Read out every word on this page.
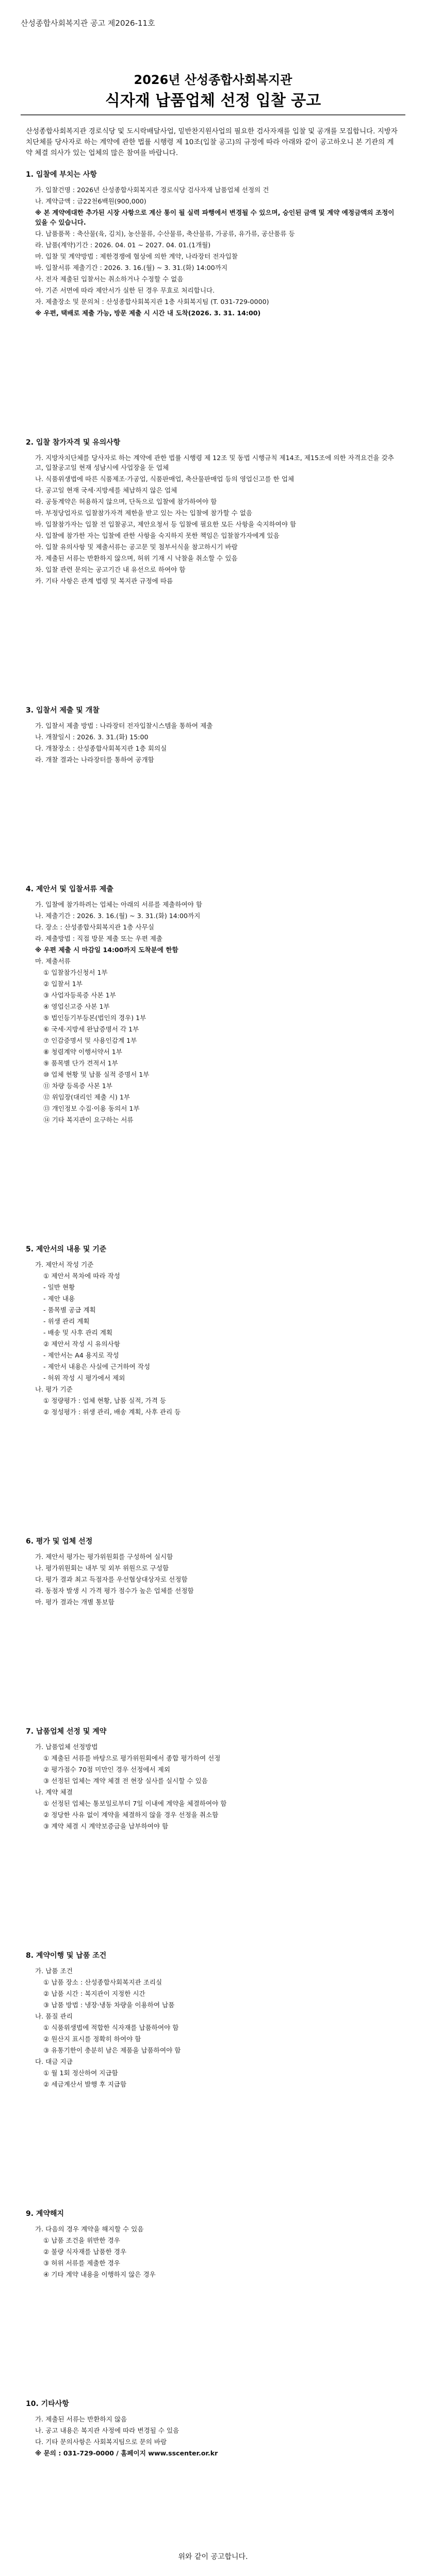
산성종합사회복지관 공고 제2026-11호
2026년 산성종합사회복지관
식자재 납품업체 선정 입찰 공고
산성종합사회복지관 경로식당 및 도시락배달사업, 밑반찬지원사업의 필요한 검사자재를 입찰 및 공개를 모집합니다. 지방자치단체를 당사자로 하는 계약에 관한 법률 시행령 제 10조(입찰 공고)의 규정에 따라 아래와 같이 공고하오니 본 기관의 계약 체결 의사가 있는 업체의 많은 참여를 바랍니다.
1. 입찰에 부치는 사항
가. 입찰건명 : 2026년 산성종합사회복지관 경로식당 검사자재 납품업체 선정의 건
나. 계약금액 : 금22천6백원(900,000)
※ 본 계약에대한 추가된 시장 사항으로 계산 통이 될 실력 파행에서 변경될 수 있으며, 승인된 금액 및 계약 예정금액의 조정이 있을 수 있습니다.
다. 납품품목 : 축산물(육, 김치), 농산물류, 수산물류, 축산물류, 가공류, 유가류, 공산품류 등
라. 납품(계약)기간 : 2026. 04. 01 ~ 2027. 04. 01.(1개월)
마. 입찰 및 계약방법 : 제한경쟁에 협상에 의한 계약, 나라장터 전자입찰
바. 입찰서류 제출기간 : 2026. 3. 16.(월) ~ 3. 31.(화) 14:00까지
사. 전자 제출된 입찰서는 취소하거나 수정할 수 없음
아. 기존 서면에 따라 제안서가 실한 된 경우 무효로 처리합니다.
자. 제출장소 및 문의처 : 산성종합사회복지관 1층 사회복지팀 (T. 031-729-0000)
※ 우편, 택배로 제출 가능, 방문 제출 시 시간 내 도착(2026. 3. 31. 14:00)
2. 입찰 참가자격 및 유의사항
가. 지방자치단체를 당사자로 하는 계약에 관한 법률 시행령 제 12조 및 동법 시행규칙 제14조, 제15조에 의한 자격요건을 갖추고, 입찰공고일 현재 성남시에 사업장을 둔 업체
나. 식품위생법에 따른 식품제조·가공업, 식품판매업, 축산물판매업 등의 영업신고를 한 업체
다. 공고일 현재 국세·지방세를 체납하지 않은 업체
라. 공동계약은 허용하지 않으며, 단독으로 입찰에 참가하여야 함
마. 부정당업자로 입찰참가자격 제한을 받고 있는 자는 입찰에 참가할 수 없음
바. 입찰참가자는 입찰 전 입찰공고, 제안요청서 등 입찰에 필요한 모든 사항을 숙지하여야 함
사. 입찰에 참가한 자는 입찰에 관한 사항을 숙지하지 못한 책임은 입찰참가자에게 있음
아. 입찰 유의사항 및 제출서류는 공고문 및 첨부서식을 참고하시기 바람
자. 제출된 서류는 반환하지 않으며, 허위 기재 시 낙찰을 취소할 수 있음
차. 입찰 관련 문의는 공고기간 내 유선으로 하여야 함
카. 기타 사항은 관계 법령 및 복지관 규정에 따름
3. 입찰서 제출 및 개찰
가. 입찰서 제출 방법 : 나라장터 전자입찰시스템을 통하여 제출
나. 개찰일시 : 2026. 3. 31.(화) 15:00
다. 개찰장소 : 산성종합사회복지관 1층 회의실
라. 개찰 결과는 나라장터를 통하여 공개함
4. 제안서 및 입찰서류 제출
가. 입찰에 참가하려는 업체는 아래의 서류를 제출하여야 함
나. 제출기간 : 2026. 3. 16.(월) ~ 3. 31.(화) 14:00까지
다. 장소 : 산성종합사회복지관 1층 사무실
라. 제출방법 : 직접 방문 제출 또는 우편 제출
※ 우편 제출 시 마감일 14:00까지 도착분에 한함
마. 제출서류
① 입찰참가신청서 1부
② 입찰서 1부
③ 사업자등록증 사본 1부
④ 영업신고증 사본 1부
⑤ 법인등기부등본(법인의 경우) 1부
⑥ 국세·지방세 완납증명서 각 1부
⑦ 인감증명서 및 사용인감계 1부
⑧ 청렴계약 이행서약서 1부
⑨ 품목별 단가 견적서 1부
⑩ 업체 현황 및 납품 실적 증명서 1부
⑪ 차량 등록증 사본 1부
⑫ 위임장(대리인 제출 시) 1부
⑬ 개인정보 수집·이용 동의서 1부
⑭ 기타 복지관이 요구하는 서류
5. 제안서의 내용 및 기준
가. 제안서 작성 기준
① 제안서 목차에 따라 작성
- 일반 현황
- 제안 내용
- 품목별 공급 계획
- 위생 관리 계획
- 배송 및 사후 관리 계획
② 제안서 작성 시 유의사항
- 제안서는 A4 용지로 작성
- 제안서 내용은 사실에 근거하여 작성
- 허위 작성 시 평가에서 제외
나. 평가 기준
① 정량평가 : 업체 현황, 납품 실적, 가격 등
② 정성평가 : 위생 관리, 배송 계획, 사후 관리 등
6. 평가 및 업체 선정
가. 제안서 평가는 평가위원회를 구성하여 실시함
나. 평가위원회는 내부 및 외부 위원으로 구성함
다. 평가 결과 최고 득점자를 우선협상대상자로 선정함
라. 동점자 발생 시 가격 평가 점수가 높은 업체를 선정함
마. 평가 결과는 개별 통보함
7. 납품업체 선정 및 계약
가. 납품업체 선정방법
① 제출된 서류를 바탕으로 평가위원회에서 종합 평가하여 선정
② 평가점수 70점 미만인 경우 선정에서 제외
③ 선정된 업체는 계약 체결 전 현장 실사를 실시할 수 있음
나. 계약 체결
① 선정된 업체는 통보일로부터 7일 이내에 계약을 체결하여야 함
② 정당한 사유 없이 계약을 체결하지 않을 경우 선정을 취소함
③ 계약 체결 시 계약보증금을 납부하여야 함
8. 계약이행 및 납품 조건
가. 납품 조건
① 납품 장소 : 산성종합사회복지관 조리실
② 납품 시간 : 복지관이 지정한 시간
③ 납품 방법 : 냉장·냉동 차량을 이용하여 납품
나. 품질 관리
① 식품위생법에 적합한 식자재를 납품하여야 함
② 원산지 표시를 정확히 하여야 함
③ 유통기한이 충분히 남은 제품을 납품하여야 함
다. 대금 지급
① 월 1회 정산하여 지급함
② 세금계산서 발행 후 지급함
9. 계약해지
가. 다음의 경우 계약을 해지할 수 있음
① 납품 조건을 위반한 경우
② 불량 식자재를 납품한 경우
③ 허위 서류를 제출한 경우
④ 기타 계약 내용을 이행하지 않은 경우
10. 기타사항
가. 제출된 서류는 반환하지 않음
나. 공고 내용은 복지관 사정에 따라 변경될 수 있음
다. 기타 문의사항은 사회복지팀으로 문의 바람
※ 문의 : 031-729-0000 / 홈페이지 www.sscenter.or.kr
위와 같이 공고합니다.
